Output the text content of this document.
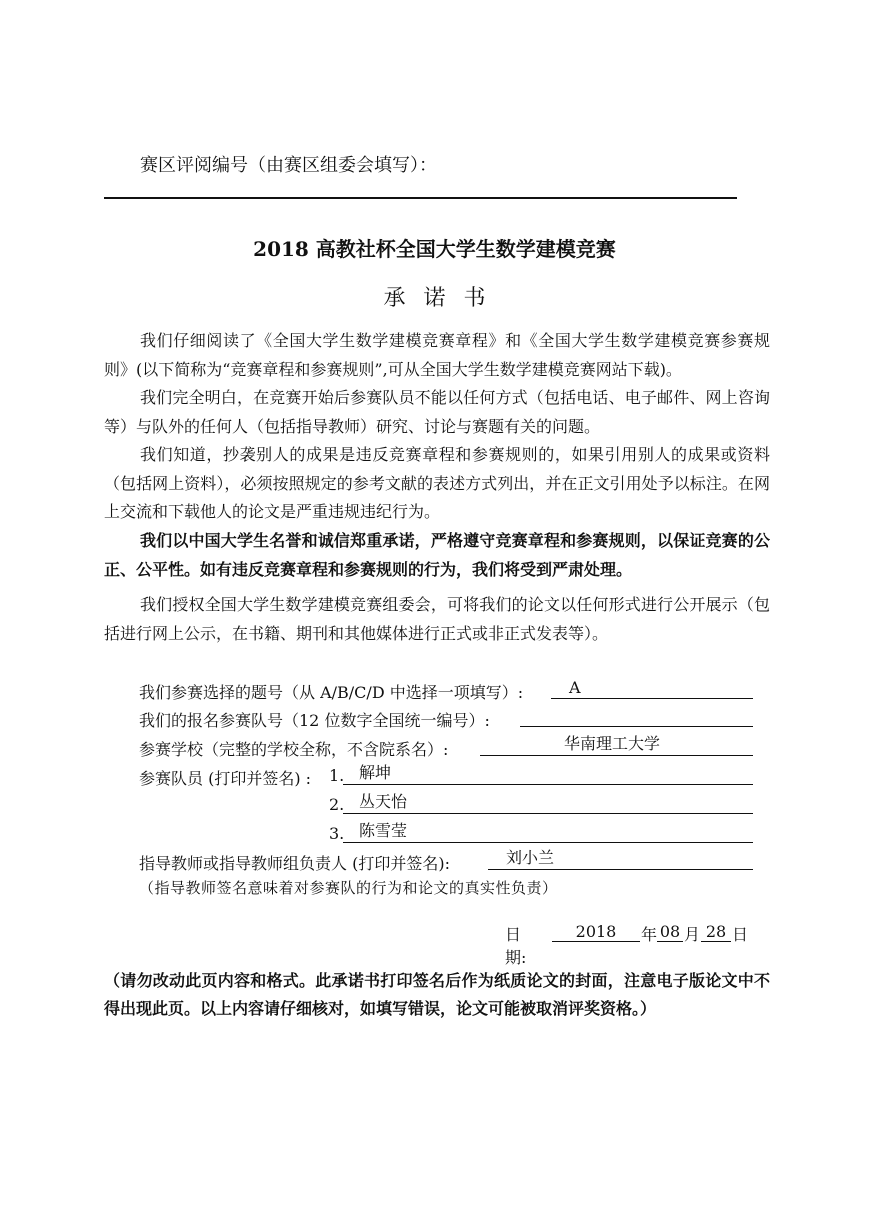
赛区评阅编号（由赛区组委会填写）：
2018 高教社杯全国大学生数学建模竞赛
承诺书
我们仔细阅读了《全国大学生数学建模竞赛章程》和《全国大学生数学建模竞赛参赛规则》(以下简称为“竞赛章程和参赛规则”,可从全国大学生数学建模竞赛网站下载)。
我们完全明白，在竞赛开始后参赛队员不能以任何方式（包括电话、电子邮件、网上咨询等）与队外的任何人（包括指导教师）研究、讨论与赛题有关的问题。
我们知道，抄袭别人的成果是违反竞赛章程和参赛规则的，如果引用别人的成果或资料（包括网上资料），必须按照规定的参考文献的表述方式列出，并在正文引用处予以标注。在网上交流和下载他人的论文是严重违规违纪行为。
我们以中国大学生名誉和诚信郑重承诺，严格遵守竞赛章程和参赛规则，以保证竞赛的公正、公平性。如有违反竞赛章程和参赛规则的行为，我们将受到严肃处理。
我们授权全国大学生数学建模竞赛组委会，可将我们的论文以任何形式进行公开展示（包括进行网上公示，在书籍、期刊和其他媒体进行正式或非正式发表等）。
我们参赛选择的题号（从 A/B/C/D 中选择一项填写）:	A
我们的报名参赛队号（12 位数字全国统一编号）:
参赛学校（完整的学校全称，不含院系名）:	华南理工大学
参赛队员 (打印并签名) : 1. 解坤
2. 丛天怡
3. 陈雪莹
指导教师或指导教师组负责人 (打印并签名):	刘小兰
（指导教师签名意味着对参赛队的行为和论文的真实性负责）
日期:
2018	年 08 月 28 日
（请勿改动此页内容和格式。此承诺书打印签名后作为纸质论文的封面，注意电子版论文中不得出现此页。以上内容请仔细核对，如填写错误，论文可能被取消评奖资格。）
